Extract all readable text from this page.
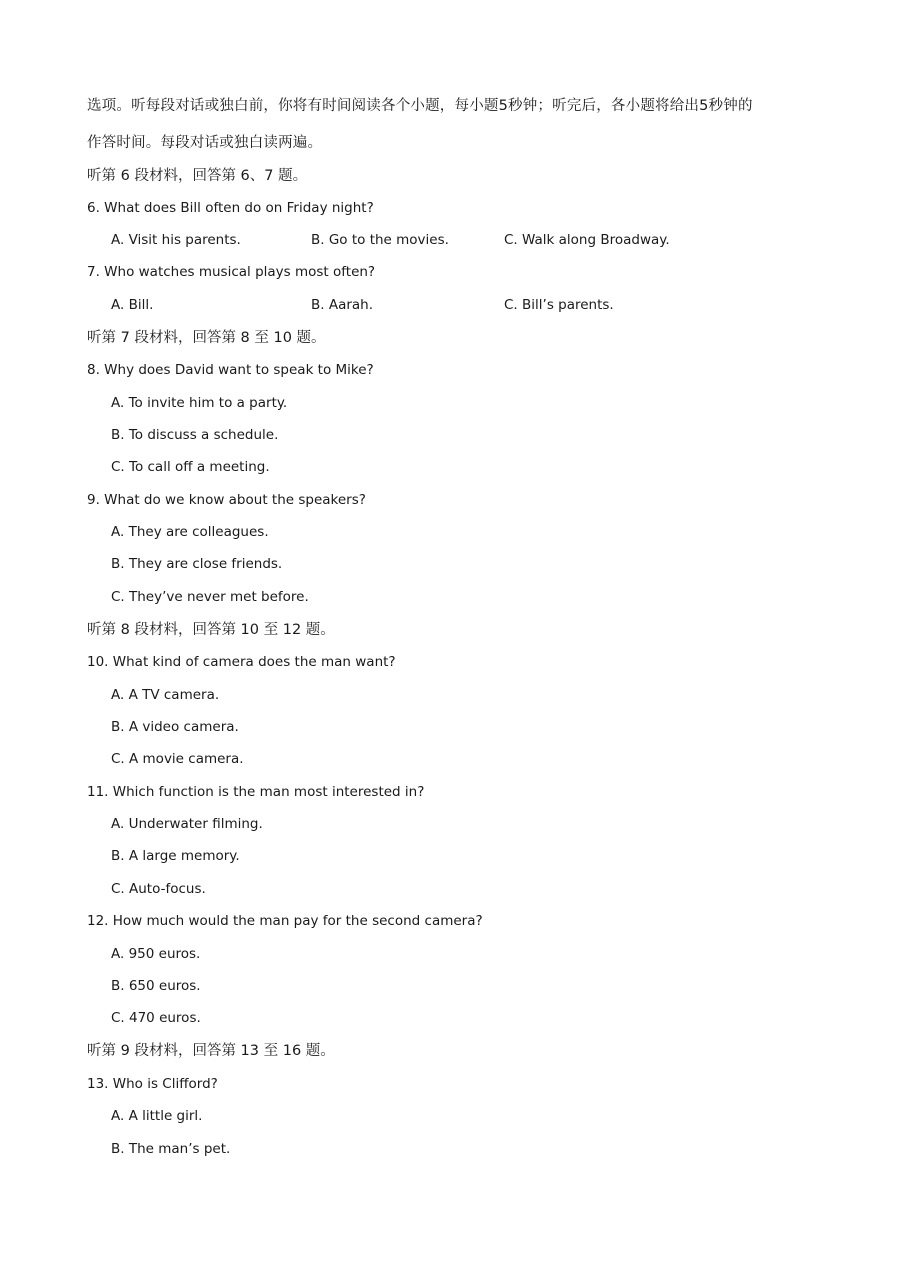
选项。听每段对话或独白前，你将有时间阅读各个小题，每小题5秒钟；听完后，各小题将给出5秒钟的
作答时间。每段对话或独白读两遍。
听第 6 段材料，回答第 6、7 题。
6. What does Bill often do on Friday night?
A. Visit his parents.	B. Go to the movies.	C. Walk along Broadway.
7. Who watches musical plays most often?
A. Bill.	B. Aarah.	C. Bill’s parents.
听第 7 段材料，回答第 8 至 10 题。
8. Why does David want to speak to Mike?
A. To invite him to a party.
B. To discuss a schedule.
C. To call off a meeting.
9. What do we know about the speakers?
A. They are colleagues.
B. They are close friends.
C. They’ve never met before.
听第 8 段材料，回答第 10 至 12 题。
10. What kind of camera does the man want?
A. A TV camera.
B. A video camera.
C. A movie camera.
11. Which function is the man most interested in?
A. Underwater filming.
B. A large memory.
C. Auto-focus.
12. How much would the man pay for the second camera?
A. 950 euros.
B. 650 euros.
C. 470 euros.
听第 9 段材料，回答第 13 至 16 题。
13. Who is Clifford?
A. A little girl.
B. The man’s pet.
